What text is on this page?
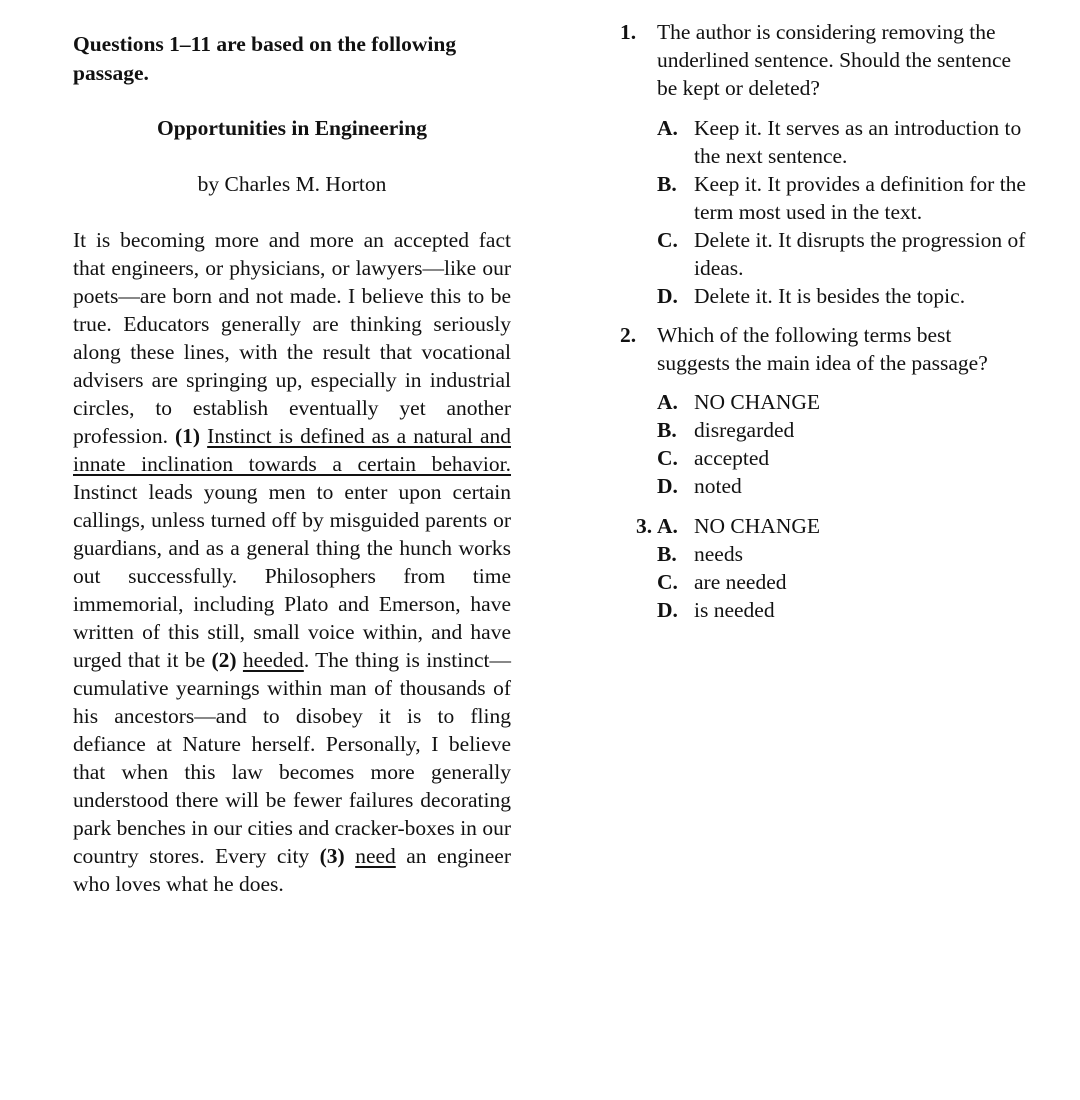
Questions 1–11 are based on the following passage.

Opportunities in Engineering
by Charles M. Horton

It is becoming more and more an accepted fact that engineers, or physicians, or lawyers—like our poets—are born and not made. I believe this to be true. Educators generally are thinking seriously along these lines, with the result that vocational advisers are springing up, especially in industrial circles, to establish eventually yet another profession. (1) Instinct is defined as a natural and innate inclination towards a certain behavior. Instinct leads young men to enter upon certain callings, unless turned off by misguided parents or guardians, and as a general thing the hunch works out successfully. Philosophers from time immemorial, including Plato and Emerson, have written of this still, small voice within, and have urged that it be (2) heeded. The thing is instinct—cumulative yearnings within man of thousands of his ancestors—and to disobey it is to fling defiance at Nature herself. Personally, I believe that when this law becomes more generally understood there will be fewer failures decorating park benches in our cities and cracker-boxes in our country stores. Every city (3) need an engineer who loves what he does.

1. The author is considering removing the underlined sentence. Should the sentence be kept or deleted?
A. Keep it. It serves as an introduction to the next sentence.
B. Keep it. It provides a definition for the term most used in the text.
C. Delete it. It disrupts the progression of ideas.
D. Delete it. It is besides the topic.
2. Which of the following terms best suggests the main idea of the passage?
A. NO CHANGE
B. disregarded
C. accepted
D. noted
3. A. NO CHANGE
B. needs
C. are needed
D. is needed
